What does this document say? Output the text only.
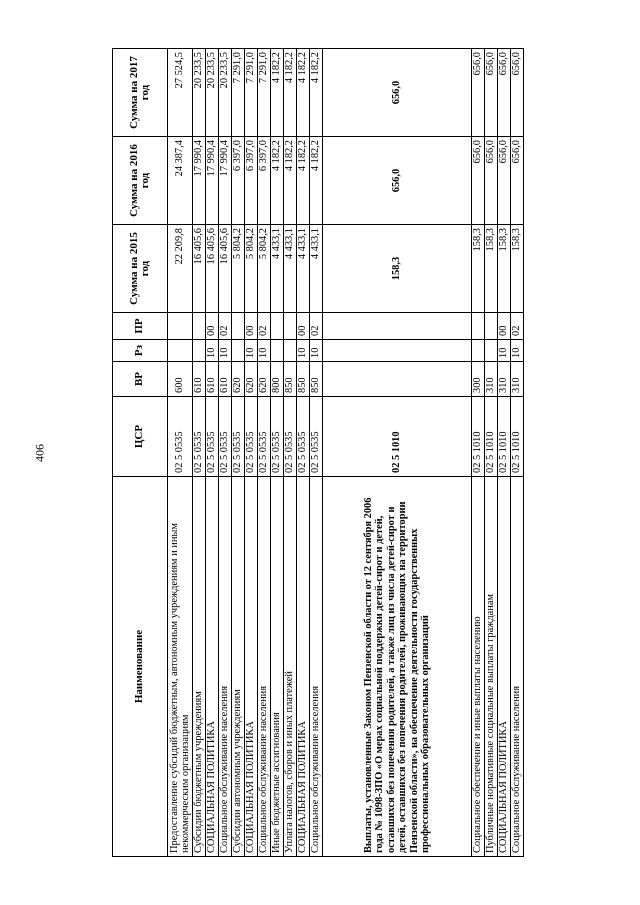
406
Наименование	ЦСР	ВР	Рз	ПР	Сумма на 2015 год	Сумма на 2016 год	Сумма на 2017 год
Предоставление субсидий бюджетным, автономным учреждениям и иным некоммерческим организациям	02 5 0535	600			22 209,8	24 387,4	27 524,5
Субсидии бюджетным учреждениям	02 5 0535	610			16 405,6	17 990,4	20 233,5
СОЦИАЛЬНАЯ ПОЛИТИКА	02 5 0535	610	10	00	16 405,6	17 990,4	20 233,5
Социальное обслуживание населения	02 5 0535	610	10	02	16 405,6	17 990,4	20 233,5
Субсидии автономным учреждениям	02 5 0535	620			5 804,2	6 397,0	7 291,0
СОЦИАЛЬНАЯ ПОЛИТИКА	02 5 0535	620	10	00	5 804,2	6 397,0	7 291,0
Социальное обслуживание населения	02 5 0535	620	10	02	5 804,2	6 397,0	7 291,0
Иные бюджетные ассигнования	02 5 0535	800			4 433,1	4 182,2	4 182,2
Уплата налогов, сборов и иных платежей	02 5 0535	850			4 433,1	4 182,2	4 182,2
СОЦИАЛЬНАЯ ПОЛИТИКА	02 5 0535	850	10	00	4 433,1	4 182,2	4 182,2
Социальное обслуживание населения	02 5 0535	850	10	02	4 433,1	4 182,2	4 182,2
Выплаты, установленные Законом Пензенской области от 12 сентября 2006 года № 1098-ЗПО «О мерах социальной поддержки детей-сирот и детей, оставшихся без попечения родителей, а также лиц из числа детей-сирот и детей, оставшихся без попечения родителей, проживающих на территории Пензенской области», на обеспечение деятельности государственных профессиональных образовательных организаций	02 5 1010				158,3	656,0	656,0
Социальное обеспечение и иные выплаты населению	02 5 1010	300			158,3	656,0	656,0
Публичные нормативные социальные выплаты гражданам	02 5 1010	310			158,3	656,0	656,0
СОЦИАЛЬНАЯ ПОЛИТИКА	02 5 1010	310	10	00	158,3	656,0	656,0
Социальное обслуживание населения	02 5 1010	310	10	02	158,3	656,0	656,0
